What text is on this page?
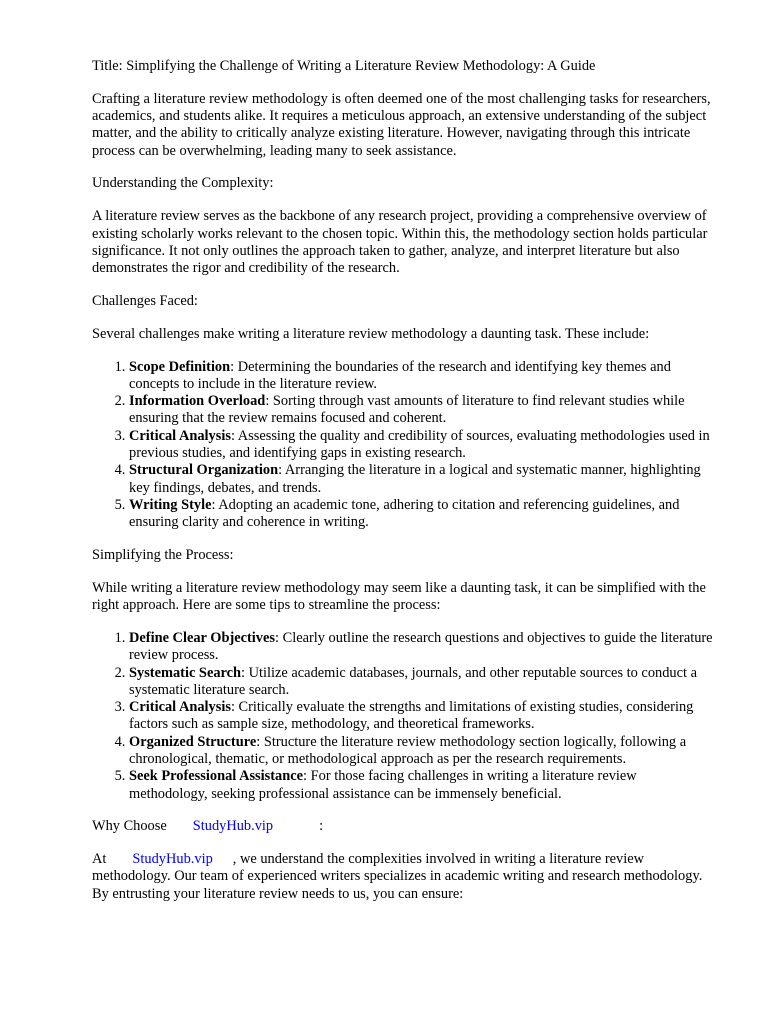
Title: Simplifying the Challenge of Writing a Literature Review Methodology: A Guide

Crafting a literature review methodology is often deemed one of the most challenging tasks for researchers, academics, and students alike. It requires a meticulous approach, an extensive understanding of the subject matter, and the ability to critically analyze existing literature. However, navigating through this intricate process can be overwhelming, leading many to seek assistance.

Understanding the Complexity:

A literature review serves as the backbone of any research project, providing a comprehensive overview of existing scholarly works relevant to the chosen topic. Within this, the methodology section holds particular significance. It not only outlines the approach taken to gather, analyze, and interpret literature but also demonstrates the rigor and credibility of the research.

Challenges Faced:

Several challenges make writing a literature review methodology a daunting task. These include:

1. Scope Definition: Determining the boundaries of the research and identifying key themes and concepts to include in the literature review.
2. Information Overload: Sorting through vast amounts of literature to find relevant studies while ensuring that the review remains focused and coherent.
3. Critical Analysis: Assessing the quality and credibility of sources, evaluating methodologies used in previous studies, and identifying gaps in existing research.
4. Structural Organization: Arranging the literature in a logical and systematic manner, highlighting key findings, debates, and trends.
5. Writing Style: Adopting an academic tone, adhering to citation and referencing guidelines, and ensuring clarity and coherence in writing.

Simplifying the Process:

While writing a literature review methodology may seem like a daunting task, it can be simplified with the right approach. Here are some tips to streamline the process:

1. Define Clear Objectives: Clearly outline the research questions and objectives to guide the literature review process.
2. Systematic Search: Utilize academic databases, journals, and other reputable sources to conduct a systematic literature search.
3. Critical Analysis: Critically evaluate the strengths and limitations of existing studies, considering factors such as sample size, methodology, and theoretical frameworks.
4. Organized Structure: Structure the literature review methodology section logically, following a chronological, thematic, or methodological approach as per the research requirements.
5. Seek Professional Assistance: For those facing challenges in writing a literature review methodology, seeking professional assistance can be immensely beneficial.

Why Choose StudyHub.vip	:

At StudyHub.vip , we understand the complexities involved in writing a literature review methodology. Our team of experienced writers specializes in academic writing and research methodology. By entrusting your literature review needs to us, you can ensure:
